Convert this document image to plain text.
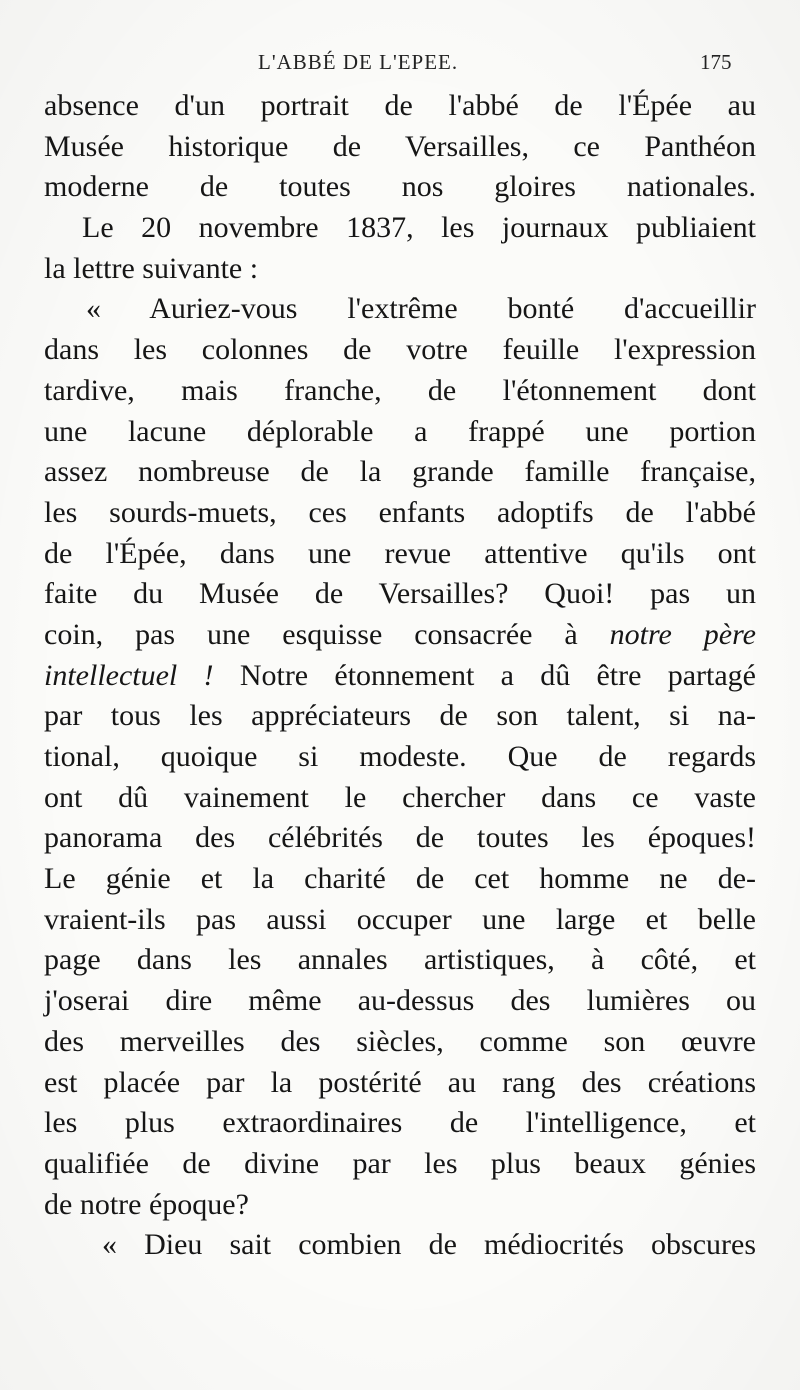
L'ABBÉ DE L'EPEE.	175
absence d'un portrait de l'abbé de l'Épée au
Musée historique de Versailles, ce Panthéon
moderne de toutes nos gloires nationales.
Le 20 novembre 1837, les journaux publiaient
la lettre suivante :
« Auriez-vous l'extrême bonté d'accueillir
dans les colonnes de votre feuille l'expression
tardive, mais franche, de l'étonnement dont
une lacune déplorable a frappé une portion
assez nombreuse de la grande famille française,
les sourds-muets, ces enfants adoptifs de l'abbé
de l'Épée, dans une revue attentive qu'ils ont
faite du Musée de Versailles? Quoi! pas un
coin, pas une esquisse consacrée à notre père
intellectuel ! Notre étonnement a dû être partagé
par tous les appréciateurs de son talent, si na-
tional, quoique si modeste. Que de regards
ont dû vainement le chercher dans ce vaste
panorama des célébrités de toutes les époques!
Le génie et la charité de cet homme ne de-
vraient-ils pas aussi occuper une large et belle
page dans les annales artistiques, à côté, et
j'oserai dire même au-dessus des lumières ou
des merveilles des siècles, comme son œuvre
est placée par la postérité au rang des créations
les plus extraordinaires de l'intelligence, et
qualifiée de divine par les plus beaux génies
de notre époque?
« Dieu sait combien de médiocrités obscures
